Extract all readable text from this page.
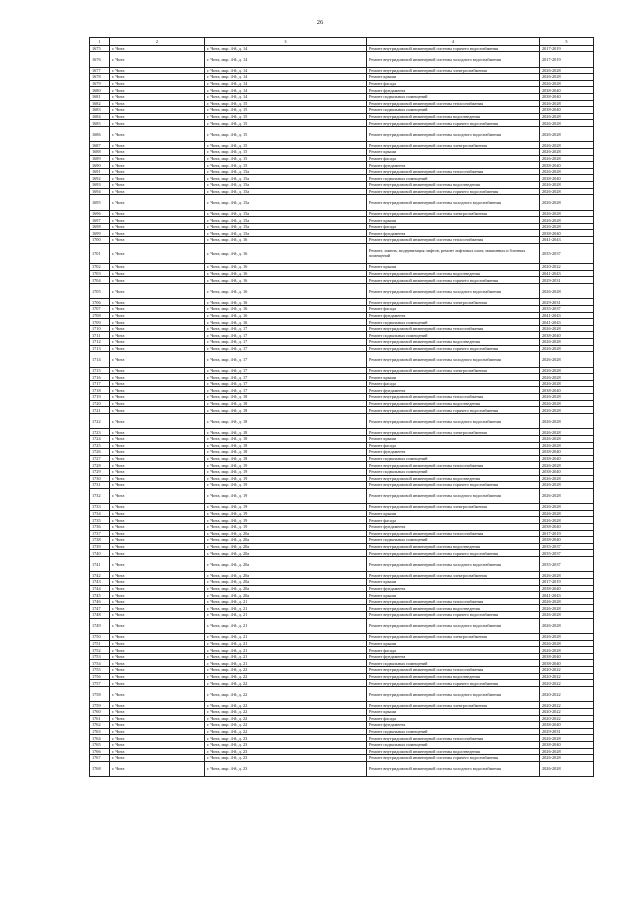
26
1	2	3	4	5
1675	г. Чита	г. Чита, мкр. 4-й, д. 14	Ремонт внутридомовой инженерной системы горячего водоснабжения	2017-2019
1676	г. Чита	г. Чита, мкр. 4-й, д. 14	Ремонт внутридомовой инженерной системы холодного водоснабжения	2017-2019
1677	г. Чита	г. Чита, мкр. 4-й, д. 14	Ремонт внутридомовой инженерной системы электроснабжения	2026-2028
1678	г. Чита	г. Чита, мкр. 4-й, д. 14	Ремонт крыши	2026-2028
1679	г. Чита	г. Чита, мкр. 4-й, д. 14	Ремонт фасада	2026-2028
1680	г. Чита	г. Чита, мкр. 4-й, д. 14	Ремонт фундамента	2038-2040
1681	г. Чита	г. Чита, мкр. 4-й, д. 14	Ремонт подвальных помещений	2038-2040
1682	г. Чита	г. Чита, мкр. 4-й, д. 15	Ремонт внутридомовой инженерной системы теплоснабжения	2026-2028
1683	г. Чита	г. Чита, мкр. 4-й, д. 15	Ремонт подвальных помещений	2038-2040
1684	г. Чита	г. Чита, мкр. 4-й, д. 15	Ремонт внутридомовой инженерной системы водоотведения	2026-2028
1685	г. Чита	г. Чита, мкр. 4-й, д. 15	Ремонт внутридомовой инженерной системы горячего водоснабжения	2026-2028
1686	г. Чита	г. Чита, мкр. 4-й, д. 15	Ремонт внутридомовой инженерной системы холодного водоснабжения	2026-2028
1687	г. Чита	г. Чита, мкр. 4-й, д. 15	Ремонт внутридомовой инженерной системы электроснабжения	2026-2028
1688	г. Чита	г. Чита, мкр. 4-й, д. 15	Ремонт крыши	2026-2028
1689	г. Чита	г. Чита, мкр. 4-й, д. 15	Ремонт фасада	2026-2028
1690	г. Чита	г. Чита, мкр. 4-й, д. 15	Ремонт фундамента	2038-2040
1691	г. Чита	г. Чита, мкр. 4-й, д. 15а	Ремонт внутридомовой инженерной системы теплоснабжения	2026-2028
1692	г. Чита	г. Чита, мкр. 4-й, д. 15а	Ремонт подвальных помещений	2038-2040
1693	г. Чита	г. Чита, мкр. 4-й, д. 15а	Ремонт внутридомовой инженерной системы водоотведения	2026-2028
1694	г. Чита	г. Чита, мкр. 4-й, д. 15а	Ремонт внутридомовой инженерной системы горячего водоснабжения	2026-2028
1695	г. Чита	г. Чита, мкр. 4-й, д. 15а	Ремонт внутридомовой инженерной системы холодного водоснабжения	2026-2028
1696	г. Чита	г. Чита, мкр. 4-й, д. 15а	Ремонт внутридомовой инженерной системы электроснабжения	2026-2028
1697	г. Чита	г. Чита, мкр. 4-й, д. 15а	Ремонт крыши	2026-2028
1698	г. Чита	г. Чита, мкр. 4-й, д. 15а	Ремонт фасада	2026-2028
1699	г. Чита	г. Чита, мкр. 4-й, д. 15а	Ремонт фундамента	2038-2040
1700	г. Чита	г. Чита, мкр. 4-й, д. 16	Ремонт внутридомовой инженерной системы теплоснабжения	2041-2043
1701	г. Чита	г. Чита, мкр. 4-й, д. 16	Ремонт, замена, модернизация лифтов, ремонт лифтовых шахт, машинных и блочных помещений	2035-2037
1702	г. Чита	г. Чита, мкр. 4-й, д. 16	Ремонт крыши	2020-2022
1703	г. Чита	г. Чита, мкр. 4-й, д. 16	Ремонт внутридомовой инженерной системы водоотведения	2041-2043
1704	г. Чита	г. Чита, мкр. 4-й, д. 16	Ремонт внутридомовой инженерной системы горячего водоснабжения	2029-2031
1705	г. Чита	г. Чита, мкр. 4-й, д. 16	Ремонт внутридомовой инженерной системы холодного водоснабжения	2026-2028
1706	г. Чита	г. Чита, мкр. 4-й, д. 16	Ремонт внутридомовой инженерной системы электроснабжения	2029-2031
1707	г. Чита	г. Чита, мкр. 4-й, д. 16	Ремонт фасада	2035-2037
1708	г. Чита	г. Чита, мкр. 4-й, д. 16	Ремонт фундамента	2041-2043
1709	г. Чита	г. Чита, мкр. 4-й, д. 16	Ремонт подвальных помещений	2041-2043
1710	г. Чита	г. Чита, мкр. 4-й, д. 17	Ремонт внутридомовой инженерной системы теплоснабжения	2026-2028
1711	г. Чита	г. Чита, мкр. 4-й, д. 17	Ремонт подвальных помещений	2038-2040
1712	г. Чита	г. Чита, мкр. 4-й, д. 17	Ремонт внутридомовой инженерной системы водоотведения	2026-2028
1713	г. Чита	г. Чита, мкр. 4-й, д. 17	Ремонт внутридомовой инженерной системы горячего водоснабжения	2026-2028
1714	г. Чита	г. Чита, мкр. 4-й, д. 17	Ремонт внутридомовой инженерной системы холодного водоснабжения	2026-2028
1715	г. Чита	г. Чита, мкр. 4-й, д. 17	Ремонт внутридомовой инженерной системы электроснабжения	2026-2028
1716	г. Чита	г. Чита, мкр. 4-й, д. 17	Ремонт крыши	2026-2028
1717	г. Чита	г. Чита, мкр. 4-й, д. 17	Ремонт фасада	2026-2028
1718	г. Чита	г. Чита, мкр. 4-й, д. 17	Ремонт фундамента	2038-2040
1719	г. Чита	г. Чита, мкр. 4-й, д. 18	Ремонт внутридомовой инженерной системы теплоснабжения	2026-2028
1720	г. Чита	г. Чита, мкр. 4-й, д. 18	Ремонт внутридомовой инженерной системы водоотведения	2026-2028
1721	г. Чита	г. Чита, мкр. 4-й, д. 18	Ремонт внутридомовой инженерной системы горячего водоснабжения	2026-2028
1722	г. Чита	г. Чита, мкр. 4-й, д. 18	Ремонт внутридомовой инженерной системы холодного водоснабжения	2026-2028
1723	г. Чита	г. Чита, мкр. 4-й, д. 18	Ремонт внутридомовой инженерной системы электроснабжения	2026-2028
1724	г. Чита	г. Чита, мкр. 4-й, д. 18	Ремонт крыши	2026-2028
1725	г. Чита	г. Чита, мкр. 4-й, д. 18	Ремонт фасада	2026-2028
1726	г. Чита	г. Чита, мкр. 4-й, д. 18	Ремонт фундамента	2038-2040
1727	г. Чита	г. Чита, мкр. 4-й, д. 18	Ремонт подвальных помещений	2038-2040
1728	г. Чита	г. Чита, мкр. 4-й, д. 19	Ремонт внутридомовой инженерной системы теплоснабжения	2026-2028
1729	г. Чита	г. Чита, мкр. 4-й, д. 19	Ремонт подвальных помещений	2038-2040
1730	г. Чита	г. Чита, мкр. 4-й, д. 19	Ремонт внутридомовой инженерной системы водоотведения	2026-2028
1731	г. Чита	г. Чита, мкр. 4-й, д. 19	Ремонт внутридомовой инженерной системы горячего водоснабжения	2026-2028
1732	г. Чита	г. Чита, мкр. 4-й, д. 19	Ремонт внутридомовой инженерной системы холодного водоснабжения	2026-2028
1733	г. Чита	г. Чита, мкр. 4-й, д. 19	Ремонт внутридомовой инженерной системы электроснабжения	2026-2028
1734	г. Чита	г. Чита, мкр. 4-й, д. 19	Ремонт крыши	2026-2028
1735	г. Чита	г. Чита, мкр. 4-й, д. 19	Ремонт фасада	2026-2028
1736	г. Чита	г. Чита, мкр. 4-й, д. 19	Ремонт фундамента	2038-2040
1737	г. Чита	г. Чита, мкр. 4-й, д. 20а	Ремонт внутридомовой инженерной системы теплоснабжения	2017-2019
1738	г. Чита	г. Чита, мкр. 4-й, д. 20а	Ремонт подвальных помещений	2038-2040
1739	г. Чита	г. Чита, мкр. 4-й, д. 20а	Ремонт внутридомовой инженерной системы водоотведения	2035-2037
1740	г. Чита	г. Чита, мкр. 4-й, д. 20а	Ремонт внутридомовой инженерной системы горячего водоснабжения	2035-2037
1741	г. Чита	г. Чита, мкр. 4-й, д. 20а	Ремонт внутридомовой инженерной системы холодного водоснабжения	2035-2037
1742	г. Чита	г. Чита, мкр. 4-й, д. 20а	Ремонт внутридомовой инженерной системы электроснабжения	2026-2028
1743	г. Чита	г. Чита, мкр. 4-й, д. 20а	Ремонт крыши	2017-2019
1744	г. Чита	г. Чита, мкр. 4-й, д. 20а	Ремонт фундамента	2038-2040
1745	г. Чита	г. Чита, мкр. 4-й, д. 20а	Ремонт крыши	2041-2043
1746	г. Чита	г. Чита, мкр. 4-й, д. 21	Ремонт внутридомовой инженерной системы теплоснабжения	2026-2028
1747	г. Чита	г. Чита, мкр. 4-й, д. 21	Ремонт внутридомовой инженерной системы водоотведения	2026-2028
1748	г. Чита	г. Чита, мкр. 4-й, д. 21	Ремонт внутридомовой инженерной системы горячего водоснабжения	2026-2028
1749	г. Чита	г. Чита, мкр. 4-й, д. 21	Ремонт внутридомовой инженерной системы холодного водоснабжения	2026-2028
1750	г. Чита	г. Чита, мкр. 4-й, д. 21	Ремонт внутридомовой инженерной системы электроснабжения	2026-2028
1751	г. Чита	г. Чита, мкр. 4-й, д. 21	Ремонт крыши	2026-2028
1752	г. Чита	г. Чита, мкр. 4-й, д. 21	Ремонт фасада	2026-2028
1753	г. Чита	г. Чита, мкр. 4-й, д. 21	Ремонт фундамента	2038-2040
1754	г. Чита	г. Чита, мкр. 4-й, д. 21	Ремонт подвальных помещений	2038-2040
1755	г. Чита	г. Чита, мкр. 4-й, д. 22	Ремонт внутридомовой инженерной системы теплоснабжения	2020-2022
1756	г. Чита	г. Чита, мкр. 4-й, д. 22	Ремонт внутридомовой инженерной системы водоотведения	2020-2022
1757	г. Чита	г. Чита, мкр. 4-й, д. 22	Ремонт внутридомовой инженерной системы горячего водоснабжения	2020-2022
1758	г. Чита	г. Чита, мкр. 4-й, д. 22	Ремонт внутридомовой инженерной системы холодного водоснабжения	2020-2022
1759	г. Чита	г. Чита, мкр. 4-й, д. 22	Ремонт внутридомовой инженерной системы электроснабжения	2020-2022
1760	г. Чита	г. Чита, мкр. 4-й, д. 22	Ремонт крыши	2020-2022
1761	г. Чита	г. Чита, мкр. 4-й, д. 22	Ремонт фасада	2020-2022
1762	г. Чита	г. Чита, мкр. 4-й, д. 22	Ремонт фундамента	2038-2040
1763	г. Чита	г. Чита, мкр. 4-й, д. 22	Ремонт подвальных помещений	2029-2031
1764	г. Чита	г. Чита, мкр. 4-й, д. 23	Ремонт внутридомовой инженерной системы теплоснабжения	2026-2028
1765	г. Чита	г. Чита, мкр. 4-й, д. 23	Ремонт подвальных помещений	2038-2040
1766	г. Чита	г. Чита, мкр. 4-й, д. 23	Ремонт внутридомовой инженерной системы водоотведения	2026-2028
1767	г. Чита	г. Чита, мкр. 4-й, д. 23	Ремонт внутридомовой инженерной системы горячего водоснабжения	2026-2028
1768	г. Чита	г. Чита, мкр. 4-й, д. 23	Ремонт внутридомовой инженерной системы холодного водоснабжения	2026-2028
